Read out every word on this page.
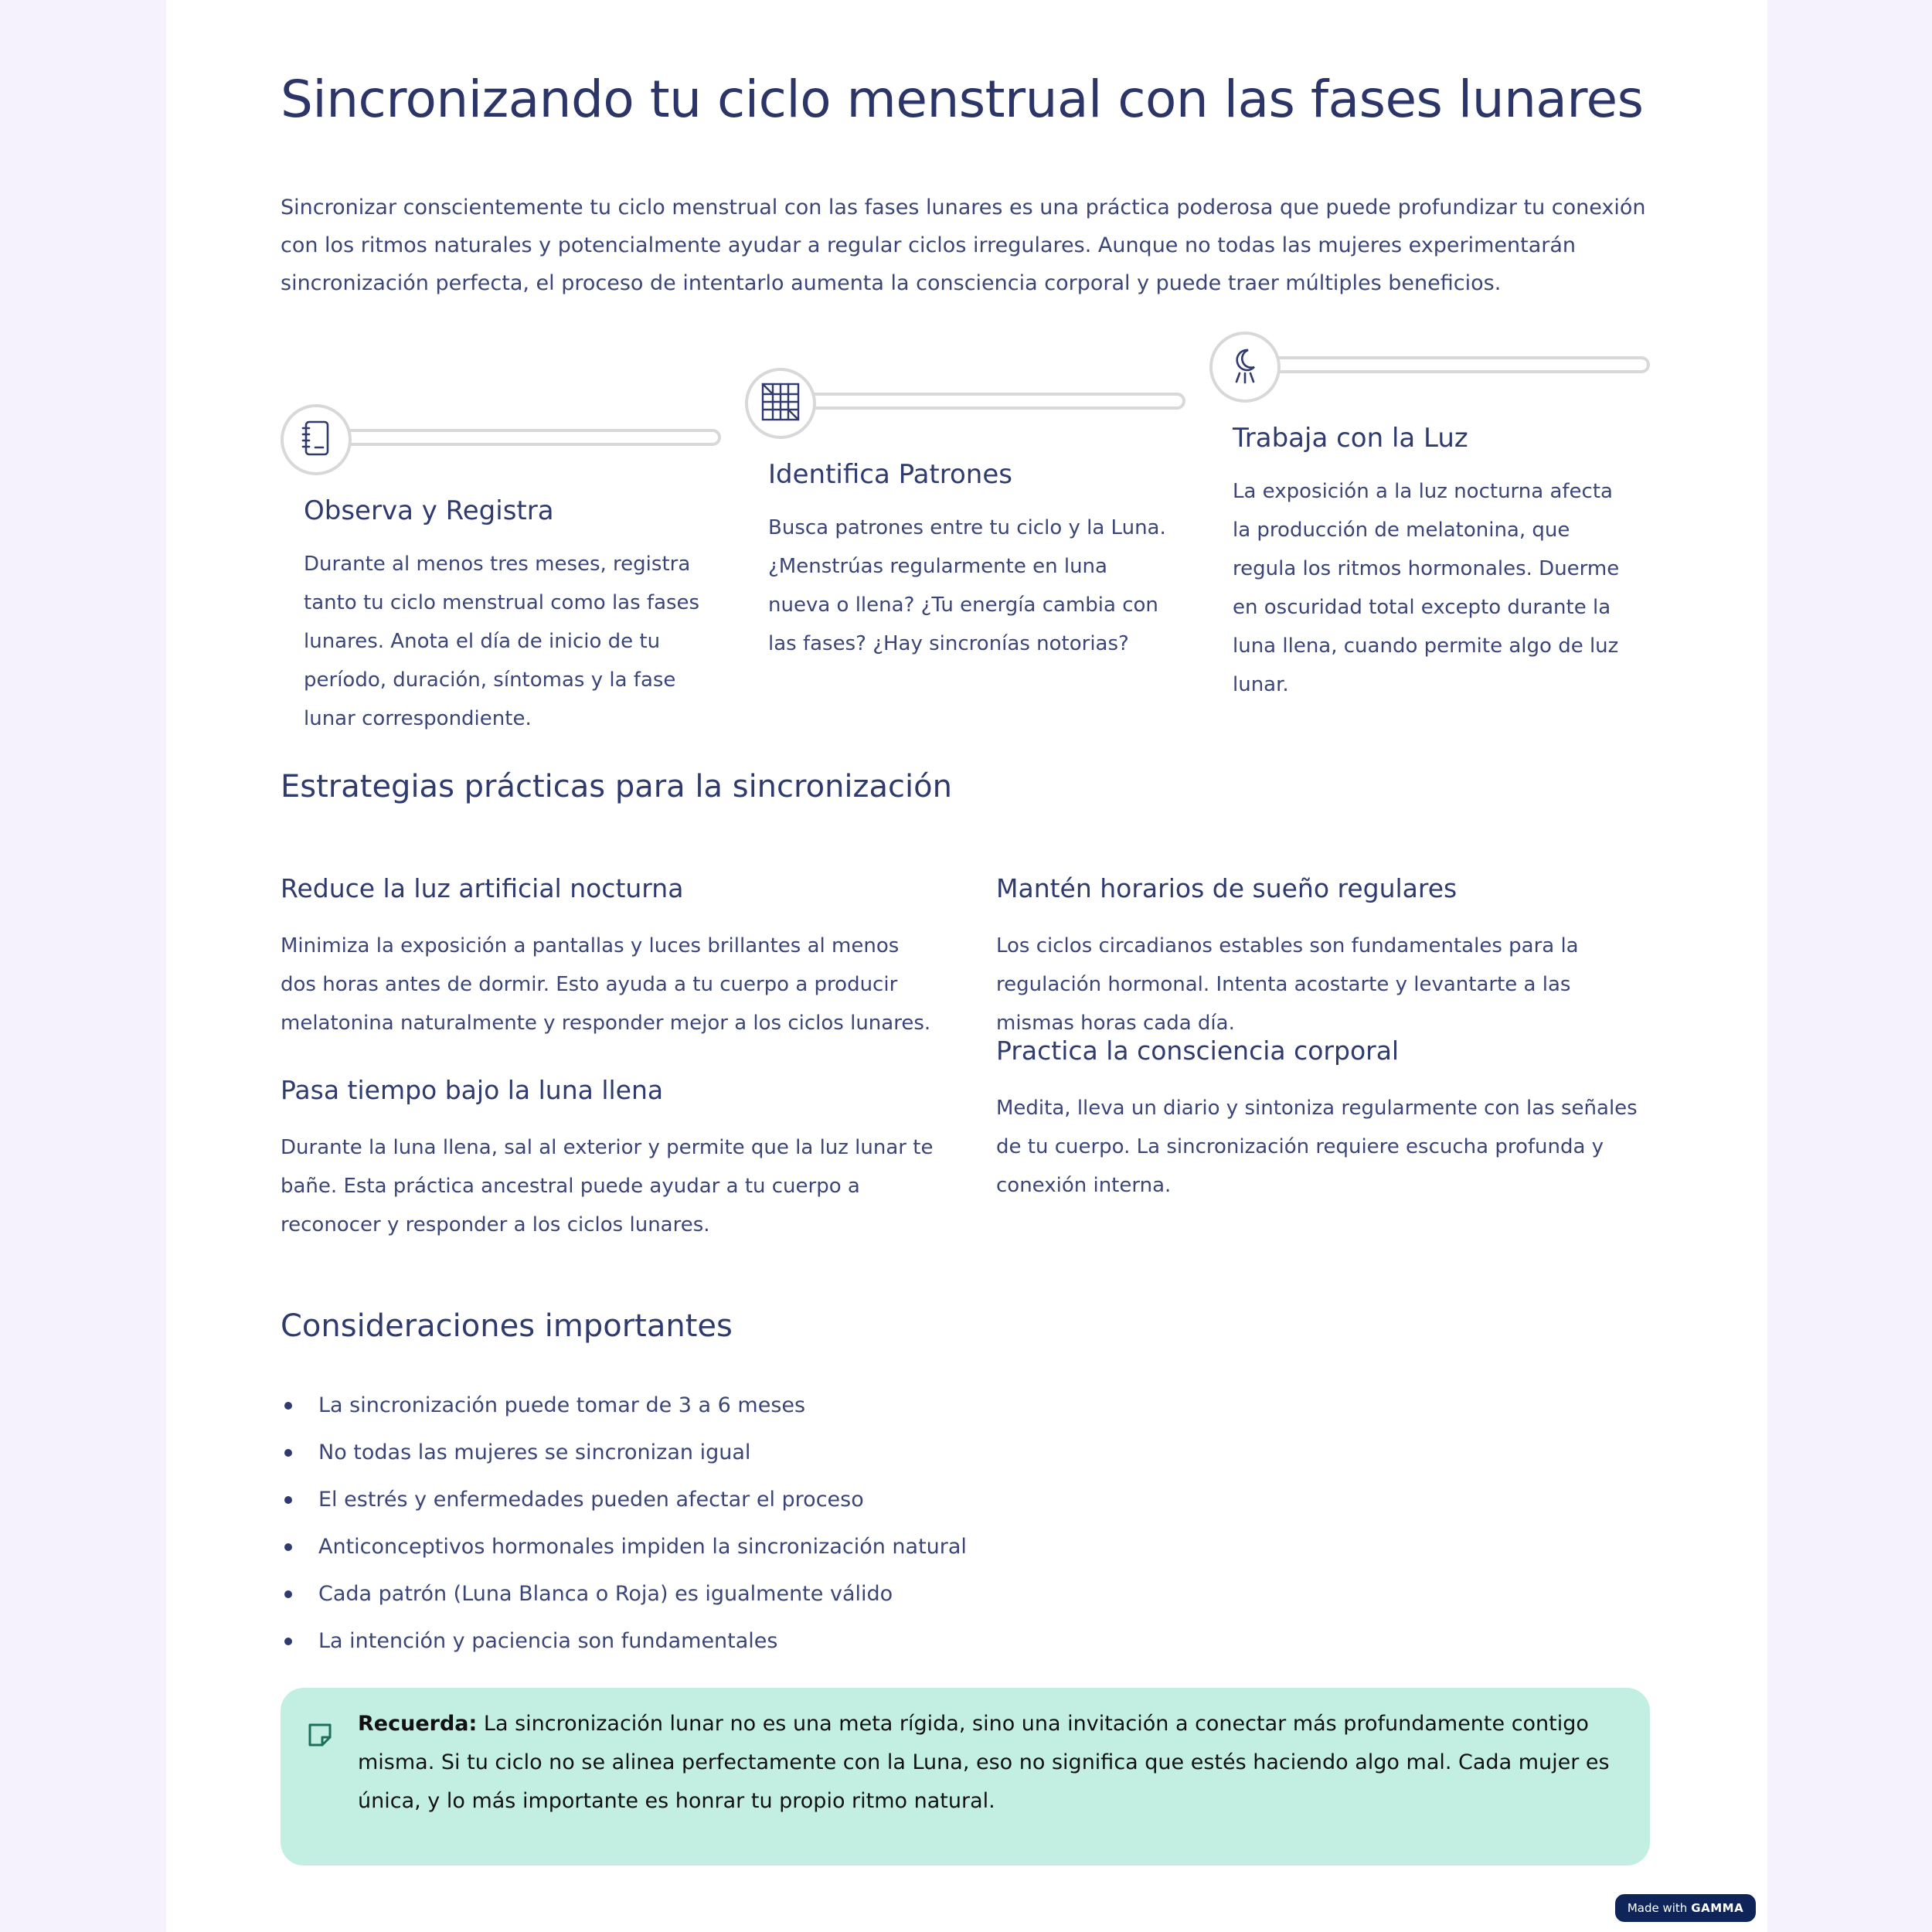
Sincronizando tu ciclo menstrual con las fases lunares

Sincronizar conscientemente tu ciclo menstrual con las fases lunares es una práctica poderosa que puede profundizar tu conexión con los ritmos naturales y potencialmente ayudar a regular ciclos irregulares. Aunque no todas las mujeres experimentarán sincronización perfecta, el proceso de intentarlo aumenta la consciencia corporal y puede traer múltiples beneficios.

Observa y Registra

Durante al menos tres meses, registra tanto tu ciclo menstrual como las fases lunares. Anota el día de inicio de tu período, duración, síntomas y la fase lunar correspondiente.

Identifica Patrones

Busca patrones entre tu ciclo y la Luna. ¿Menstrúas regularmente en luna nueva o llena? ¿Tu energía cambia con las fases? ¿Hay sincronías notorias?

Trabaja con la Luz

La exposición a la luz nocturna afecta la producción de melatonina, que regula los ritmos hormonales. Duerme en oscuridad total excepto durante la luna llena, cuando permite algo de luz lunar.

Estrategias prácticas para la sincronización
Reduce la luz artificial nocturna

Minimiza la exposición a pantallas y luces brillantes al menos dos horas antes de dormir. Esto ayuda a tu cuerpo a producir melatonina naturalmente y responder mejor a los ciclos lunares.

Pasa tiempo bajo la luna llena

Durante la luna llena, sal al exterior y permite que la luz lunar te bañe. Esta práctica ancestral puede ayudar a tu cuerpo a reconocer y responder a los ciclos lunares.

Mantén horarios de sueño regulares

Los ciclos circadianos estables son fundamentales para la regulación hormonal. Intenta acostarte y levantarte a las mismas horas cada día.

Practica la consciencia corporal

Medita, lleva un diario y sintoniza regularmente con las señales de tu cuerpo. La sincronización requiere escucha profunda y conexión interna.

Consideraciones importantes
La sincronización puede tomar de 3 a 6 meses
No todas las mujeres se sincronizan igual
El estrés y enfermedades pueden afectar el proceso
Anticonceptivos hormonales impiden la sincronización natural
Cada patrón (Luna Blanca o Roja) es igualmente válido
La intención y paciencia son fundamentales

Recuerda: La sincronización lunar no es una meta rígida, sino una invitación a conectar más profundamente contigo misma. Si tu ciclo no se alinea perfectamente con la Luna, eso no significa que estés haciendo algo mal. Cada mujer es única, y lo más importante es honrar tu propio ritmo natural.

Made with GAMMA
